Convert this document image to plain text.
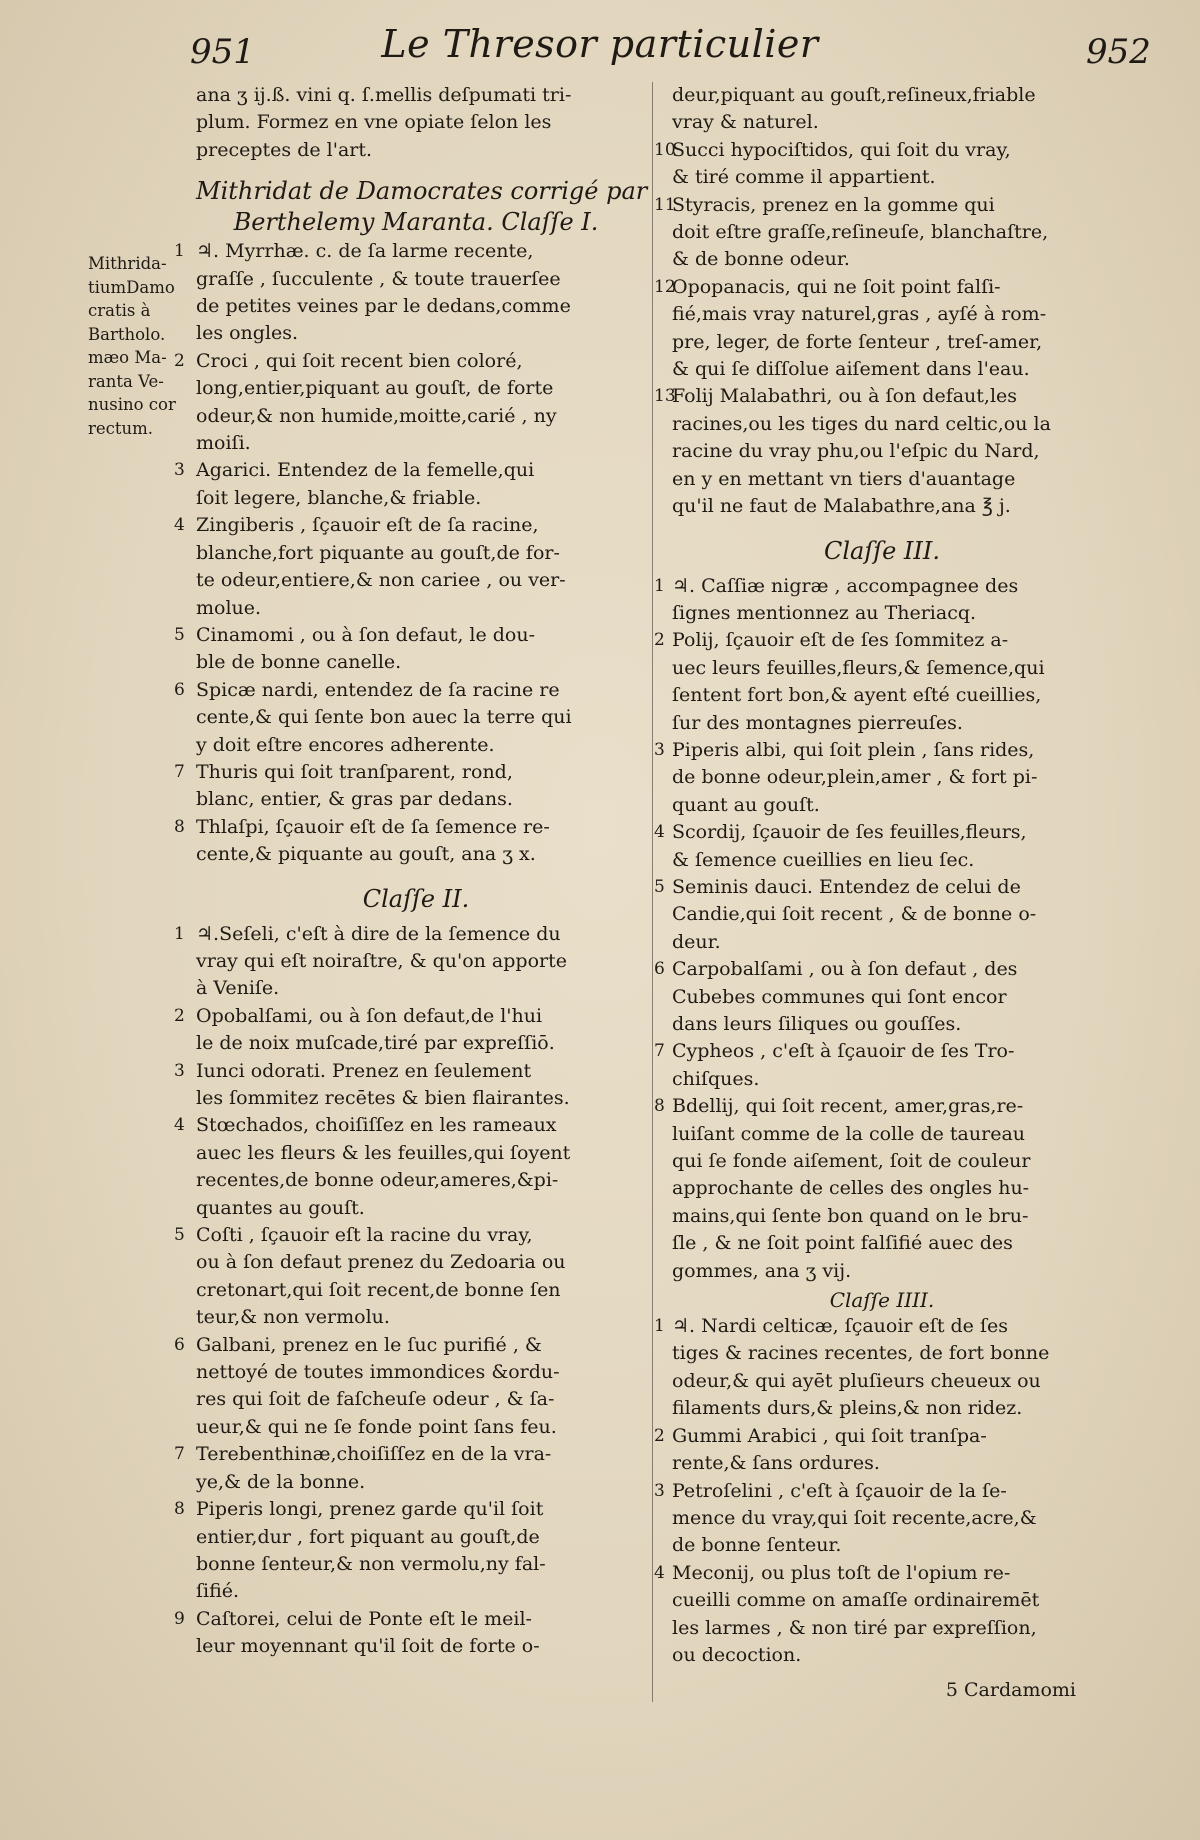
951	Le Thresor particulier	952
Mithrida-
tiumDamo
cratis à
Bartholo.
mæo Ma-
ranta Ve-
nusino cor
rectum.
ana ʒ ij.ß. vini q. ſ.mellis deſpumati tri-
plum. Formez en vne opiate ſelon les
preceptes de l'art.
Mithridat de Damocrates corrigé par
Berthelemy Maranta. Claſſe I.
1 ♃. Myrrhæ. c. de ſa larme recente,
graſſe , ſucculente , & toute trauerſee
de petites veines par le dedans,comme
les ongles.
2 Croci , qui ſoit recent bien coloré,
long,entier,piquant au gouſt, de forte
odeur,& non humide,moitte,carié , ny
moiſi.
3 Agarici. Entendez de la femelle,qui
ſoit legere, blanche,& friable.
4 Zingiberis , ſçauoir eſt de ſa racine,
blanche,fort piquante au gouſt,de for-
te odeur,entiere,& non cariee , ou ver-
molue.
5 Cinamomi , ou à ſon defaut, le dou-
ble de bonne canelle.
6 Spicæ nardi, entendez de ſa racine re
cente,& qui ſente bon auec la terre qui
y doit eſtre encores adherente.
7 Thuris qui ſoit tranſparent, rond,
blanc, entier, & gras par dedans.
8 Thlaſpi, ſçauoir eſt de ſa ſemence re-
cente,& piquante au gouſt, ana ʒ x.
Claſſe II.
1 ♃.Seſeli, c'eſt à dire de la ſemence du
vray qui eſt noiraſtre, & qu'on apporte
à Veniſe.
2 Opobalſami, ou à ſon defaut,de l'hui
le de noix muſcade,tiré par expreſſiō.
3 Iunci odorati. Prenez en ſeulement
les ſommitez recētes & bien flairantes.
4 Stœchados, choiſiſſez en les rameaux
auec les fleurs & les feuilles,qui ſoyent
recentes,de bonne odeur,ameres,&pi-
quantes au gouſt.
5 Coſti , ſçauoir eſt la racine du vray,
ou à ſon defaut prenez du Zedoaria ou
cretonart,qui ſoit recent,de bonne ſen
teur,& non vermolu.
6 Galbani, prenez en le ſuc purifié , &
nettoyé de toutes immondices &ordu-
res qui ſoit de faſcheuſe odeur , & ſa-
ueur,& qui ne ſe fonde point ſans feu.
7 Terebenthinæ,choiſiſſez en de la vra-
ye,& de la bonne.
8 Piperis longi, prenez garde qu'il ſoit
entier,dur , fort piquant au gouſt,de
bonne ſenteur,& non vermolu,ny fal-
ſifié.
9 Caſtorei, celui de Ponte eſt le meil-
leur moyennant qu'il ſoit de forte o-
deur,piquant au gouſt,reſineux,friable
vray & naturel.
10
Succi hypociſtidos, qui ſoit du vray,
& tiré comme il appartient.
11
Styracis, prenez en la gomme qui
doit eſtre graſſe,reſineuſe, blanchaſtre,
& de bonne odeur.
12
Opopanacis, qui ne ſoit point falſi-
fié,mais vray naturel,gras , ayſé à rom-
pre, leger, de forte ſenteur , treſ-amer,
& qui ſe diſſolue aiſement dans l'eau.
13
Folij Malabathri, ou à ſon defaut,les
racines,ou les tiges du nard celtic,ou la
racine du vray phu,ou l'eſpic du Nard,
en y en mettant vn tiers d'auantage
qu'il ne faut de Malabathre,ana ℥ j.
Claſſe III.
1 ♃. Caſſiæ nigræ , accompagnee des
ſignes mentionnez au Theriacq.
2 Polij, ſçauoir eſt de ſes ſommitez a-
uec leurs feuilles,fleurs,& ſemence,qui
ſentent fort bon,& ayent eſté cueillies,
ſur des montagnes pierreuſes.
3 Piperis albi, qui ſoit plein , ſans rides,
de bonne odeur,plein,amer , & fort pi-
quant au gouſt.
4 Scordij, ſçauoir de ſes feuilles,fleurs,
& ſemence cueillies en lieu ſec.
5 Seminis dauci. Entendez de celui de
Candie,qui ſoit recent , & de bonne o-
deur.
6 Carpobalſami , ou à ſon defaut , des
Cubebes communes qui ſont encor
dans leurs ſiliques ou gouſſes.
7 Cypheos , c'eſt à ſçauoir de ſes Tro-
chiſques.
8 Bdellij, qui ſoit recent, amer,gras,re-
luiſant comme de la colle de taureau
qui ſe fonde aiſement, ſoit de couleur
approchante de celles des ongles hu-
mains,qui ſente bon quand on le bru-
ſle , & ne ſoit point falſifié auec des
gommes, ana ʒ vij.
Claſſe IIII.
1 ♃. Nardi celticæ, ſçauoir eſt de ſes
tiges & racines recentes, de fort bonne
odeur,& qui ayēt pluſieurs cheueux ou
filaments durs,& pleins,& non ridez.
2 Gummi Arabici , qui ſoit tranſpa-
rente,& ſans ordures.
3 Petroſelini , c'eſt à ſçauoir de la ſe-
mence du vray,qui ſoit recente,acre,&
de bonne ſenteur.
4 Meconij, ou plus toſt de l'opium re-
cueilli comme on amaſſe ordinairemēt
les larmes , & non tiré par expreſſion,
ou decoction.
5 Cardamomi
